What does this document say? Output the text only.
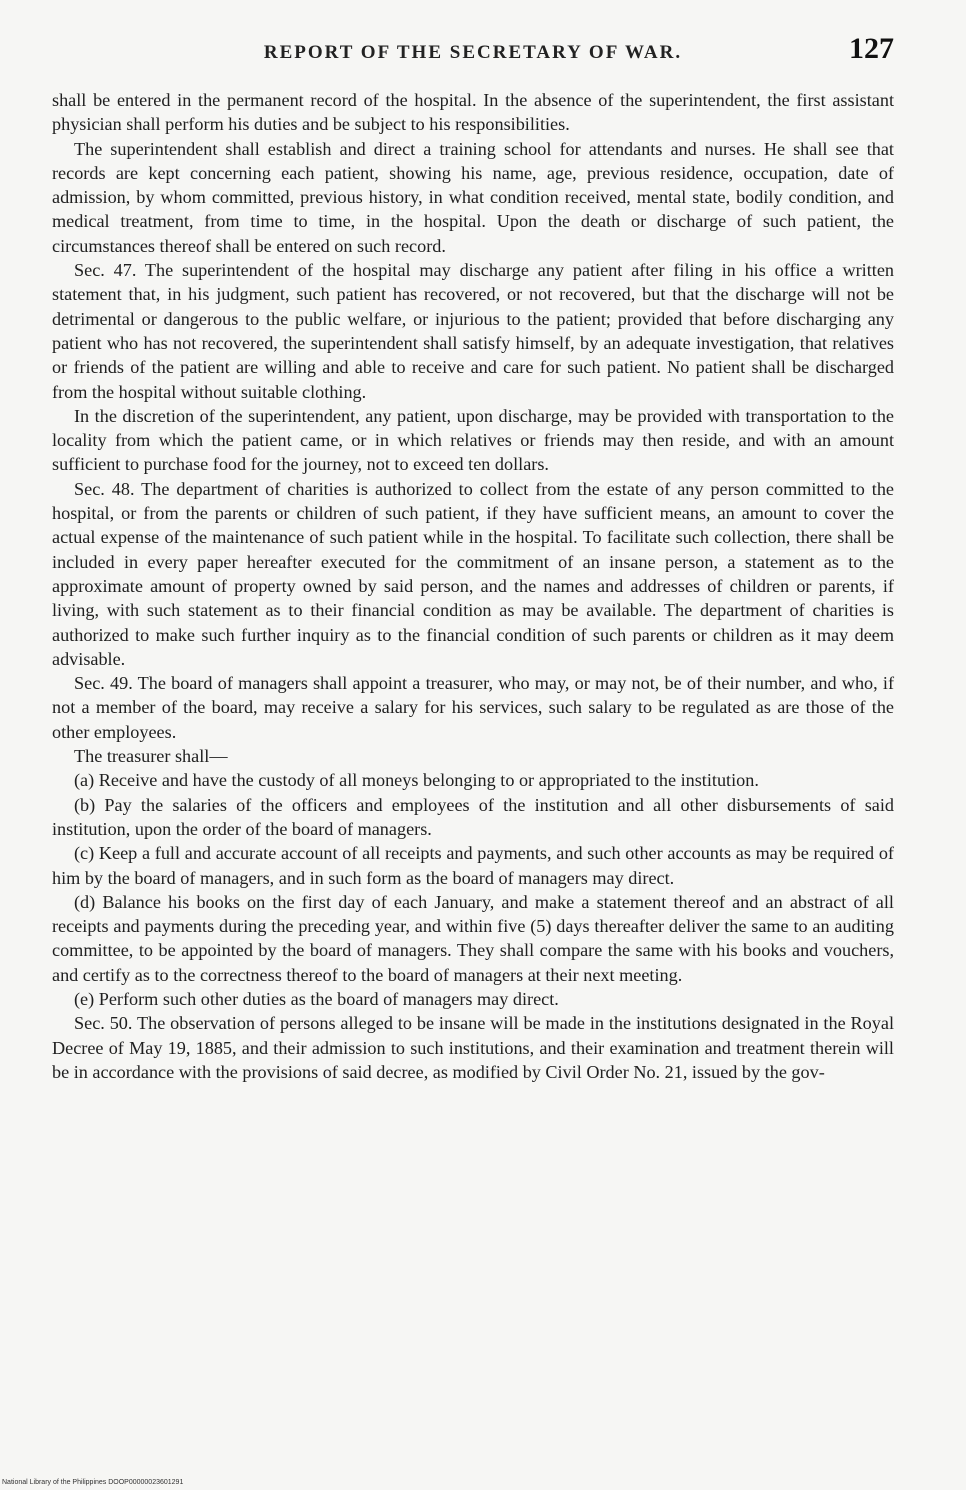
REPORT OF THE SECRETARY OF WAR.	127

shall be entered in the permanent record of the hospital. In the absence of the superintendent, the first assistant physician shall perform his duties and be subject to his responsibilities.

The superintendent shall establish and direct a training school for attendants and nurses. He shall see that records are kept concerning each patient, showing his name, age, previous residence, occupation, date of admission, by whom committed, previous history, in what condition received, mental state, bodily condition, and medical treatment, from time to time, in the hospital. Upon the death or discharge of such patient, the circumstances thereof shall be entered on such record.

Sec. 47. The superintendent of the hospital may discharge any patient after filing in his office a written statement that, in his judgment, such patient has recovered, or not recovered, but that the discharge will not be detrimental or dangerous to the public welfare, or injurious to the patient; provided that before discharging any patient who has not recovered, the superintendent shall satisfy himself, by an adequate investigation, that relatives or friends of the patient are willing and able to receive and care for such patient. No patient shall be discharged from the hospital without suitable clothing.

In the discretion of the superintendent, any patient, upon discharge, may be provided with transportation to the locality from which the patient came, or in which relatives or friends may then reside, and with an amount sufficient to purchase food for the journey, not to exceed ten dollars.

Sec. 48. The department of charities is authorized to collect from the estate of any person committed to the hospital, or from the parents or children of such patient, if they have sufficient means, an amount to cover the actual expense of the maintenance of such patient while in the hospital. To facilitate such collection, there shall be included in every paper hereafter executed for the commitment of an insane person, a statement as to the approximate amount of property owned by said person, and the names and addresses of children or parents, if living, with such statement as to their financial condition as may be available. The department of charities is authorized to make such further inquiry as to the financial condition of such parents or children as it may deem advisable.

Sec. 49. The board of managers shall appoint a treasurer, who may, or may not, be of their number, and who, if not a member of the board, may receive a salary for his services, such salary to be regulated as are those of the other employees.

The treasurer shall—

(a) Receive and have the custody of all moneys belonging to or appropriated to the institution.

(b) Pay the salaries of the officers and employees of the institution and all other disbursements of said institution, upon the order of the board of managers.

(c) Keep a full and accurate account of all receipts and payments, and such other accounts as may be required of him by the board of managers, and in such form as the board of managers may direct.

(d) Balance his books on the first day of each January, and make a statement thereof and an abstract of all receipts and payments during the preceding year, and within five (5) days thereafter deliver the same to an auditing committee, to be appointed by the board of managers. They shall compare the same with his books and vouchers, and certify as to the correctness thereof to the board of managers at their next meeting.

(e) Perform such other duties as the board of managers may direct.

Sec. 50. The observation of persons alleged to be insane will be made in the institutions designated in the Royal Decree of May 19, 1885, and their admission to such institutions, and their examination and treatment therein will be in accordance with the provisions of said decree, as modified by Civil Order No. 21, issued by the gov-

National Library of the Philippines DOOP00000023601291
